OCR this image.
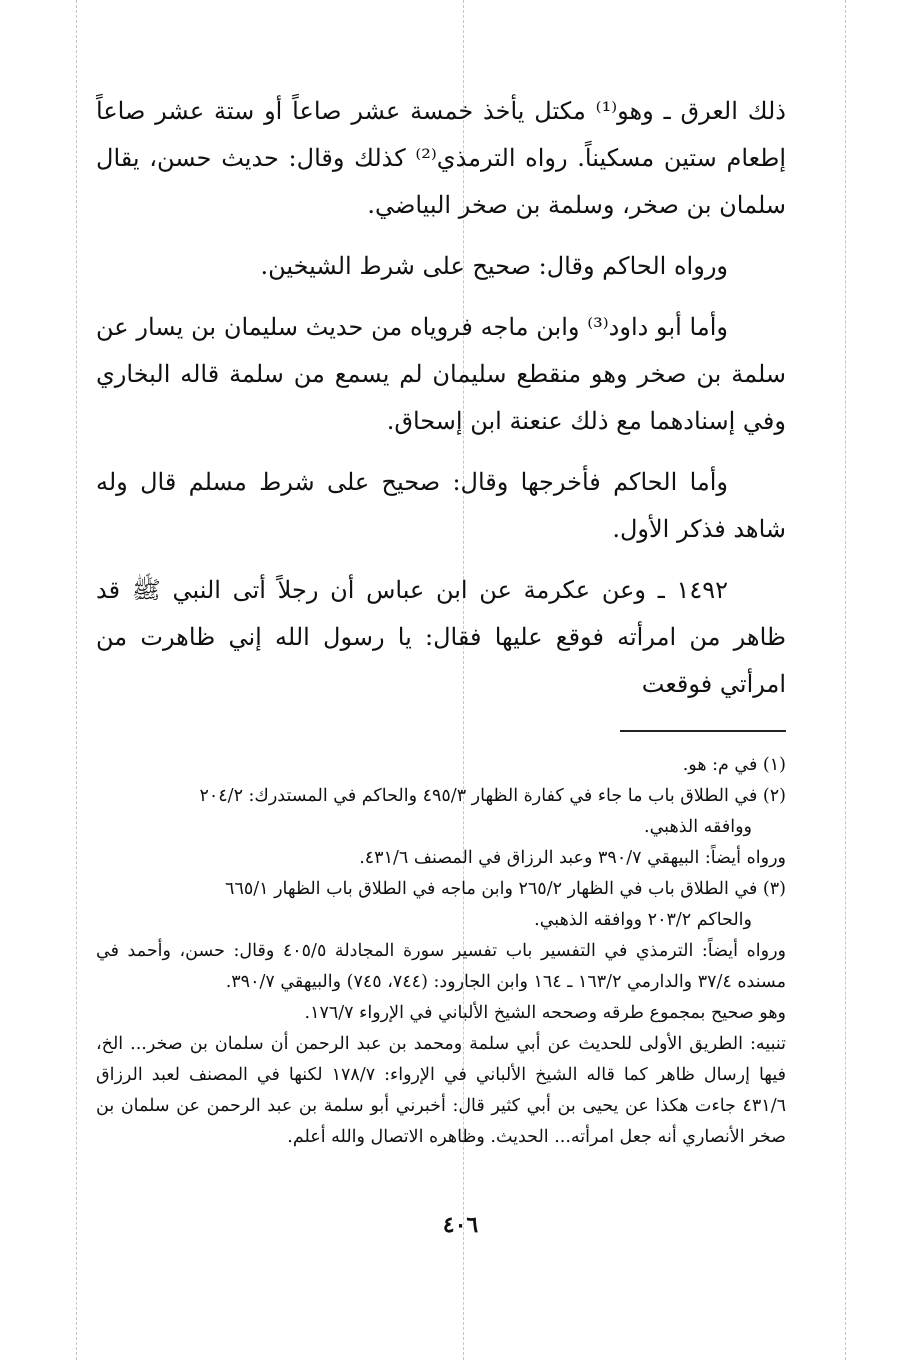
ذلك العرق ـ وهو⁽¹⁾ مكتل يأخذ خمسة عشر صاعاً أو ستة عشر صاعاً إطعام ستين مسكيناً. رواه الترمذي⁽²⁾ كذلك وقال: حديث حسن، يقال سلمان بن صخر، وسلمة بن صخر البياضي.

ورواه الحاكم وقال: صحيح على شرط الشيخين.

وأما أبو داود⁽³⁾ وابن ماجه فروياه من حديث سليمان بن يسار عن سلمة بن صخر وهو منقطع سليمان لم يسمع من سلمة قاله البخاري وفي إسنادهما مع ذلك عنعنة ابن إسحاق.

وأما الحاكم فأخرجها وقال: صحيح على شرط مسلم قال وله شاهد فذكر الأول.

١٤٩٢ ـ وعن عكرمة عن ابن عباس أن رجلاً أتى النبي ﷺ قد ظاهر من امرأته فوقع عليها فقال: يا رسول الله إني ظاهرت من امرأتي فوقعت

(١) في م: هو.

(٢) في الطلاق باب ما جاء في كفارة الظهار ٤٩٥/٣ والحاكم في المستدرك: ٢٠٤/٢

ووافقه الذهبي.

ورواه أيضاً: البيهقي ٣٩٠/٧ وعبد الرزاق في المصنف ٤٣١/٦.

(٣) في الطلاق باب في الظهار ٢٦٥/٢ وابن ماجه في الطلاق باب الظهار ٦٦٥/١

والحاكم ٢٠٣/٢ ووافقه الذهبي.

ورواه أيضاً: الترمذي في التفسير باب تفسير سورة المجادلة ٤٠٥/٥ وقال: حسن، وأحمد في مسنده ٣٧/٤ والدارمي ١٦٣/٢ ـ ١٦٤ وابن الجارود: (٧٤٤، ٧٤٥) والبيهقي ٣٩٠/٧.

وهو صحيح بمجموع طرقه وصححه الشيخ الألباني في الإرواء ١٧٦/٧.

تنبيه: الطريق الأولى للحديث عن أبي سلمة ومحمد بن عبد الرحمن أن سلمان بن صخر... الخ، فيها إرسال ظاهر كما قاله الشيخ الألباني في الإرواء: ١٧٨/٧ لكنها في المصنف لعبد الرزاق ٤٣١/٦ جاءت هكذا عن يحيى بن أبي كثير قال: أخبرني أبو سلمة بن عبد الرحمن عن سلمان بن صخر الأنصاري أنه جعل امرأته... الحديث. وظاهره الاتصال والله أعلم.

٤٠٦
